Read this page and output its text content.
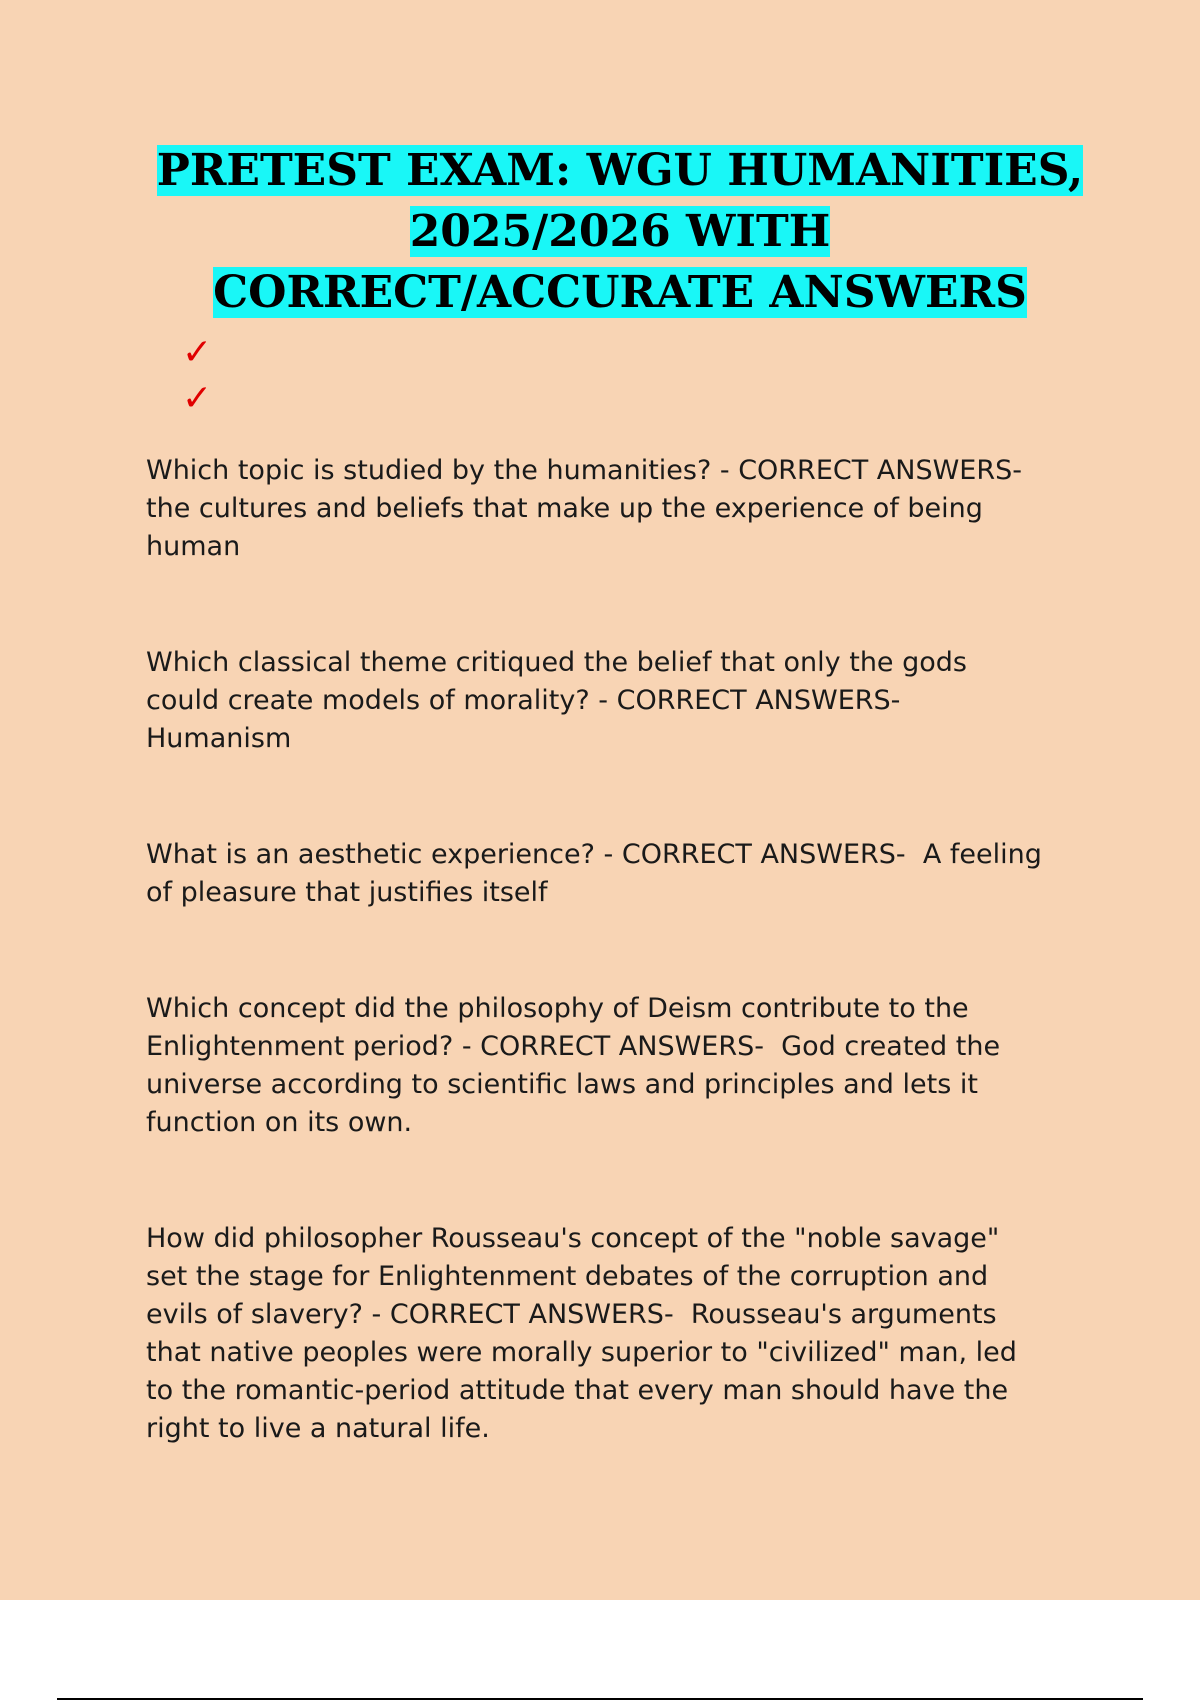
PRETEST EXAM: WGU HUMANITIES,
2025/2026 WITH
CORRECT/ACCURATE ANSWERS
✓
✓

Which topic is studied by the humanities? - CORRECT ANSWERS-
the cultures and beliefs that make up the experience of being
human

Which classical theme critiqued the belief that only the gods
could create models of morality? - CORRECT ANSWERS-
Humanism

What is an aesthetic experience? - CORRECT ANSWERS-  A feeling
of pleasure that justifies itself

Which concept did the philosophy of Deism contribute to the
Enlightenment period? - CORRECT ANSWERS-  God created the
universe according to scientific laws and principles and lets it
function on its own.

How did philosopher Rousseau's concept of the "noble savage"
set the stage for Enlightenment debates of the corruption and
evils of slavery? - CORRECT ANSWERS-  Rousseau's arguments
that native peoples were morally superior to "civilized" man, led
to the romantic-period attitude that every man should have the
right to live a natural life.
